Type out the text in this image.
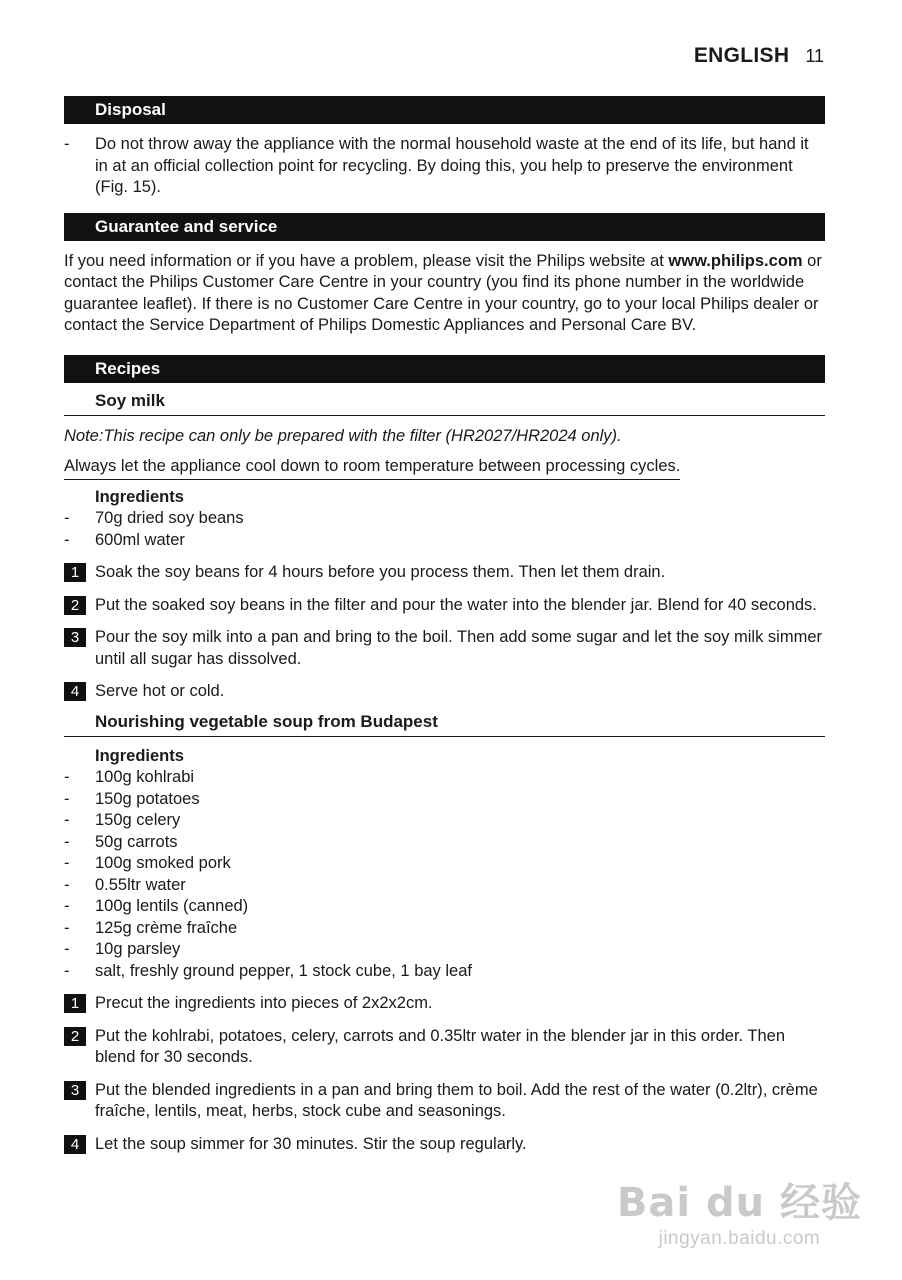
ENGLISH 11
Disposal
- Do not throw away the appliance with the normal household waste at the end of its life, but hand it in at an official collection point for recycling. By doing this, you help to preserve the environment (Fig. 15).
Guarantee and service

If you need information or if you have a problem, please visit the Philips website at www.philips.com or contact the Philips Customer Care Centre in your country (you find its phone number in the worldwide guarantee leaflet). If there is no Customer Care Centre in your country, go to your local Philips dealer or contact the Service Department of Philips Domestic Appliances and Personal Care BV.

Recipes
Soy milk

Note:This recipe can only be prepared with the filter (HR2027/HR2024 only).

Always let the appliance cool down to room temperature between processing cycles.
Ingredients
- 70g dried soy beans
- 600ml water
1 Soak the soy beans for 4 hours before you process them. Then let them drain.
2 Put the soaked soy beans in the filter and pour the water into the blender jar. Blend for 40 seconds.
3 Pour the soy milk into a pan and bring to the boil. Then add some sugar and let the soy milk simmer until all sugar has dissolved.
4 Serve hot or cold.
Nourishing vegetable soup from Budapest
Ingredients
- 100g kohlrabi
- 150g potatoes
- 150g celery
- 50g carrots
- 100g smoked pork
- 0.55ltr water
- 100g lentils (canned)
- 125g crème fraîche
- 10g parsley
- salt, freshly ground pepper, 1 stock cube, 1 bay leaf
1 Precut the ingredients into pieces of 2x2x2cm.
2 Put the kohlrabi, potatoes, celery, carrots and 0.35ltr water in the blender jar in this order. Then blend for 30 seconds.
3 Put the blended ingredients in a pan and bring them to boil. Add the rest of the water (0.2ltr), crème fraîche, lentils, meat, herbs, stock cube and seasonings.
4 Let the soup simmer for 30 minutes. Stir the soup regularly.
Bai du 经验
jingyan.baidu.com
